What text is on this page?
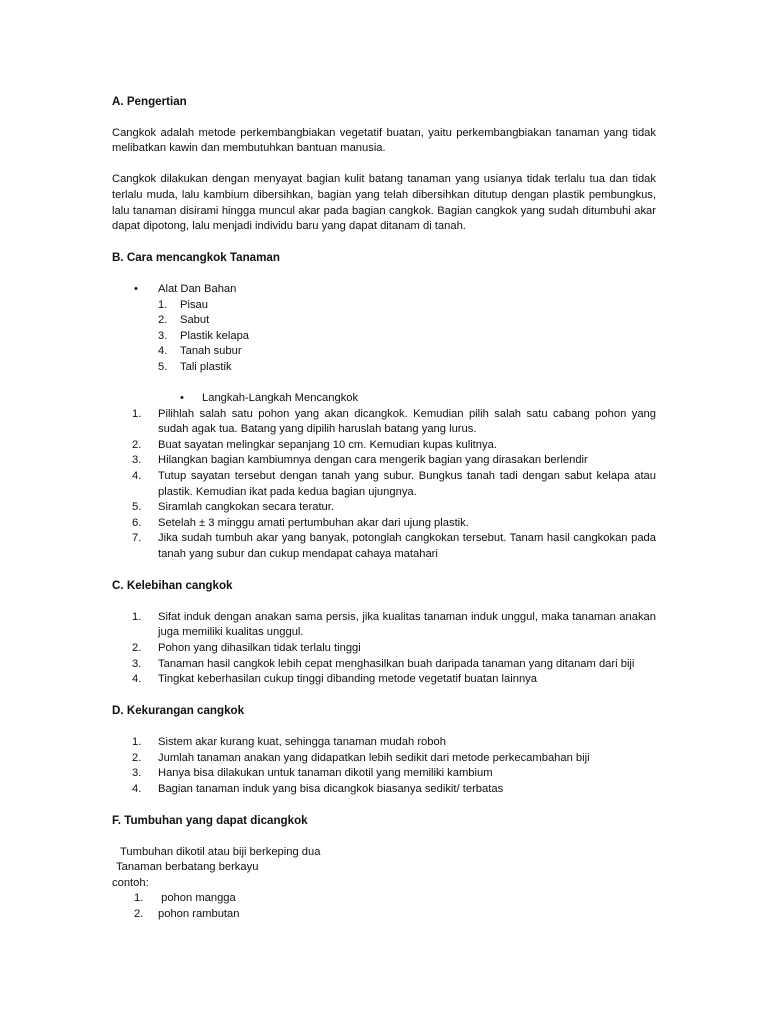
A. Pengertian

Cangkok adalah metode perkembangbiakan vegetatif buatan, yaitu perkembangbiakan tanaman yang tidak melibatkan kawin dan membutuhkan bantuan manusia.

Cangkok dilakukan dengan menyayat bagian kulit batang tanaman yang usianya tidak terlalu tua dan tidak terlalu muda, lalu kambium dibersihkan, bagian yang telah dibersihkan ditutup dengan plastik pembungkus, lalu tanaman disirami hingga muncul akar pada bagian cangkok. Bagian cangkok yang sudah ditumbuhi akar dapat dipotong, lalu menjadi individu baru yang dapat ditanam di tanah.

B. Cara mencangkok Tanaman
• Alat Dan Bahan
1. Pisau
2. Sabut
3. Plastik kelapa
4. Tanah subur
5. Tali plastik
• Langkah-Langkah Mencangkok
1. Pilihlah salah satu pohon yang akan dicangkok. Kemudian pilih salah satu cabang pohon yang sudah agak tua. Batang yang dipilih haruslah batang yang lurus.
2. Buat sayatan melingkar sepanjang 10 cm. Kemudian kupas kulitnya.
3. Hilangkan bagian kambiumnya dengan cara mengerik bagian yang dirasakan berlendir
4. Tutup sayatan tersebut dengan tanah yang subur. Bungkus tanah tadi dengan sabut kelapa atau plastik. Kemudian ikat pada kedua bagian ujungnya.
5. Siramlah cangkokan secara teratur.
6. Setelah ± 3 minggu amati pertumbuhan akar dari ujung plastik.
7. Jika sudah tumbuh akar yang banyak, potonglah cangkokan tersebut. Tanam hasil cangkokan pada tanah yang subur dan cukup mendapat cahaya matahari
C. Kelebihan cangkok
1. Sifat induk dengan anakan sama persis, jika kualitas tanaman induk unggul, maka tanaman anakan juga memiliki kualitas unggul.
2. Pohon yang dihasilkan tidak terlalu tinggi
3. Tanaman hasil cangkok lebih cepat menghasilkan buah daripada tanaman yang ditanam dari biji
4. Tingkat keberhasilan cukup tinggi dibanding metode vegetatif buatan lainnya
D. Kekurangan cangkok
1. Sistem akar kurang kuat, sehingga tanaman mudah roboh
2. Jumlah tanaman anakan yang didapatkan lebih sedikit dari metode perkecambahan biji
3. Hanya bisa dilakukan untuk tanaman dikotil yang memiliki kambium
4. Bagian tanaman induk yang bisa dicangkok biasanya sedikit/ terbatas
F. Tumbuhan yang dapat dicangkok
Tumbuhan dikotil atau biji berkeping dua
Tanaman berbatang berkayu
contoh:
1. pohon mangga
2. pohon rambutan
